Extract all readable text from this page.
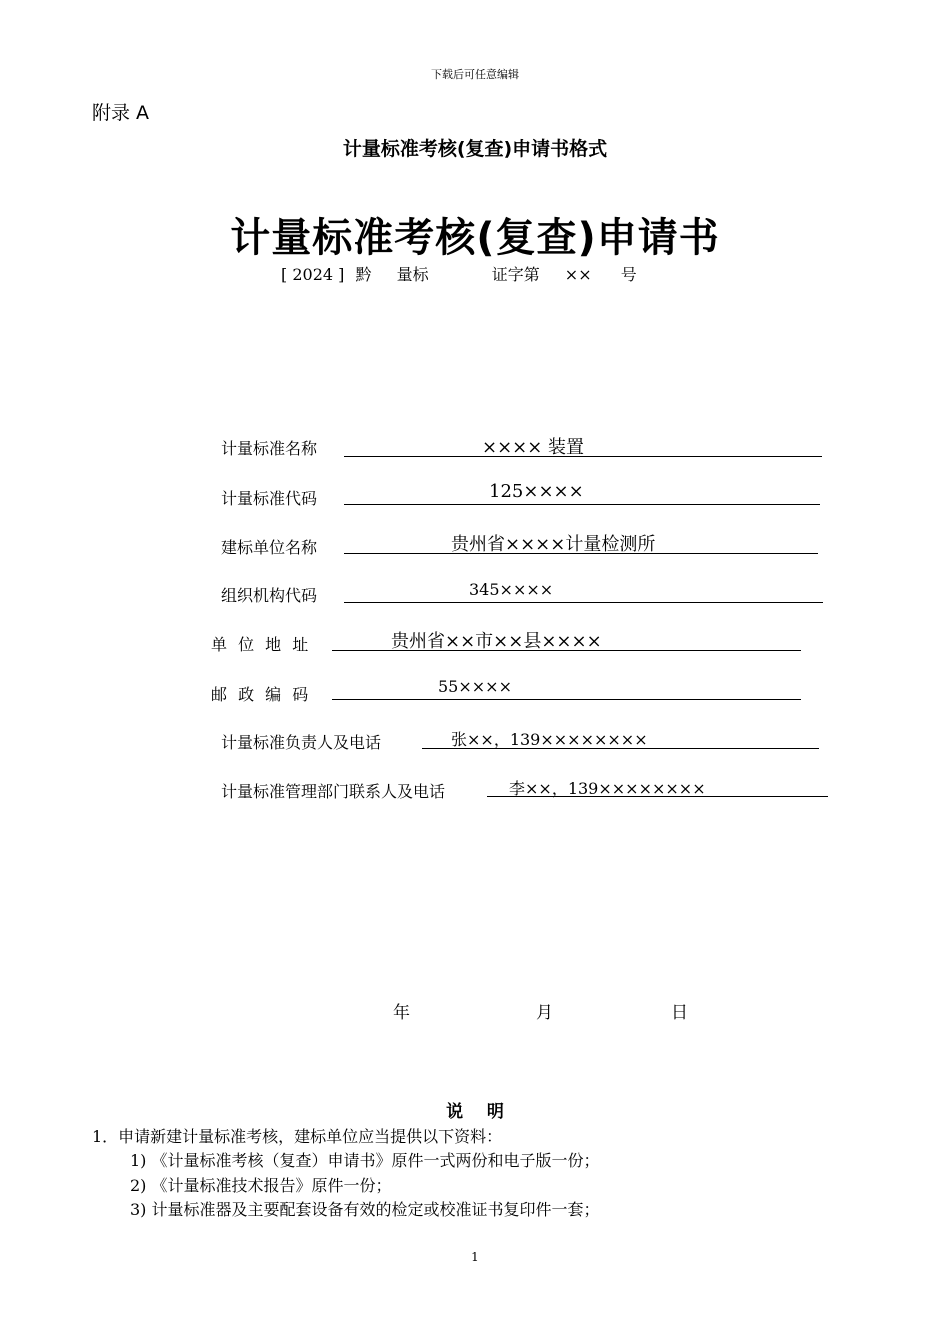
下载后可任意编辑
附录 A
计量标准考核(复查)申请书格式
计量标准考核(复查)申请书
[ 2024 ] 黔 量标	证字第 ×× 号
计量标准名称	×××× 装置
计量标准代码	125××××
建标单位名称	贵州省××××计量检测所
组织机构代码	345××××
单 位 地 址	贵州省××市××县××××
邮 政 编 码	55××××
计量标准负责人及电话	张××，139××××××××
计量标准管理部门联系人及电话	李××，139××××××××
年	月	日
说    明
1．申请新建计量标准考核，建标单位应当提供以下资料：
1) 《计量标准考核（复查）申请书》原件一式两份和电子版一份；
2) 《计量标准技术报告》原件一份；
3) 计量标准器及主要配套设备有效的检定或校准证书复印件一套；
1
